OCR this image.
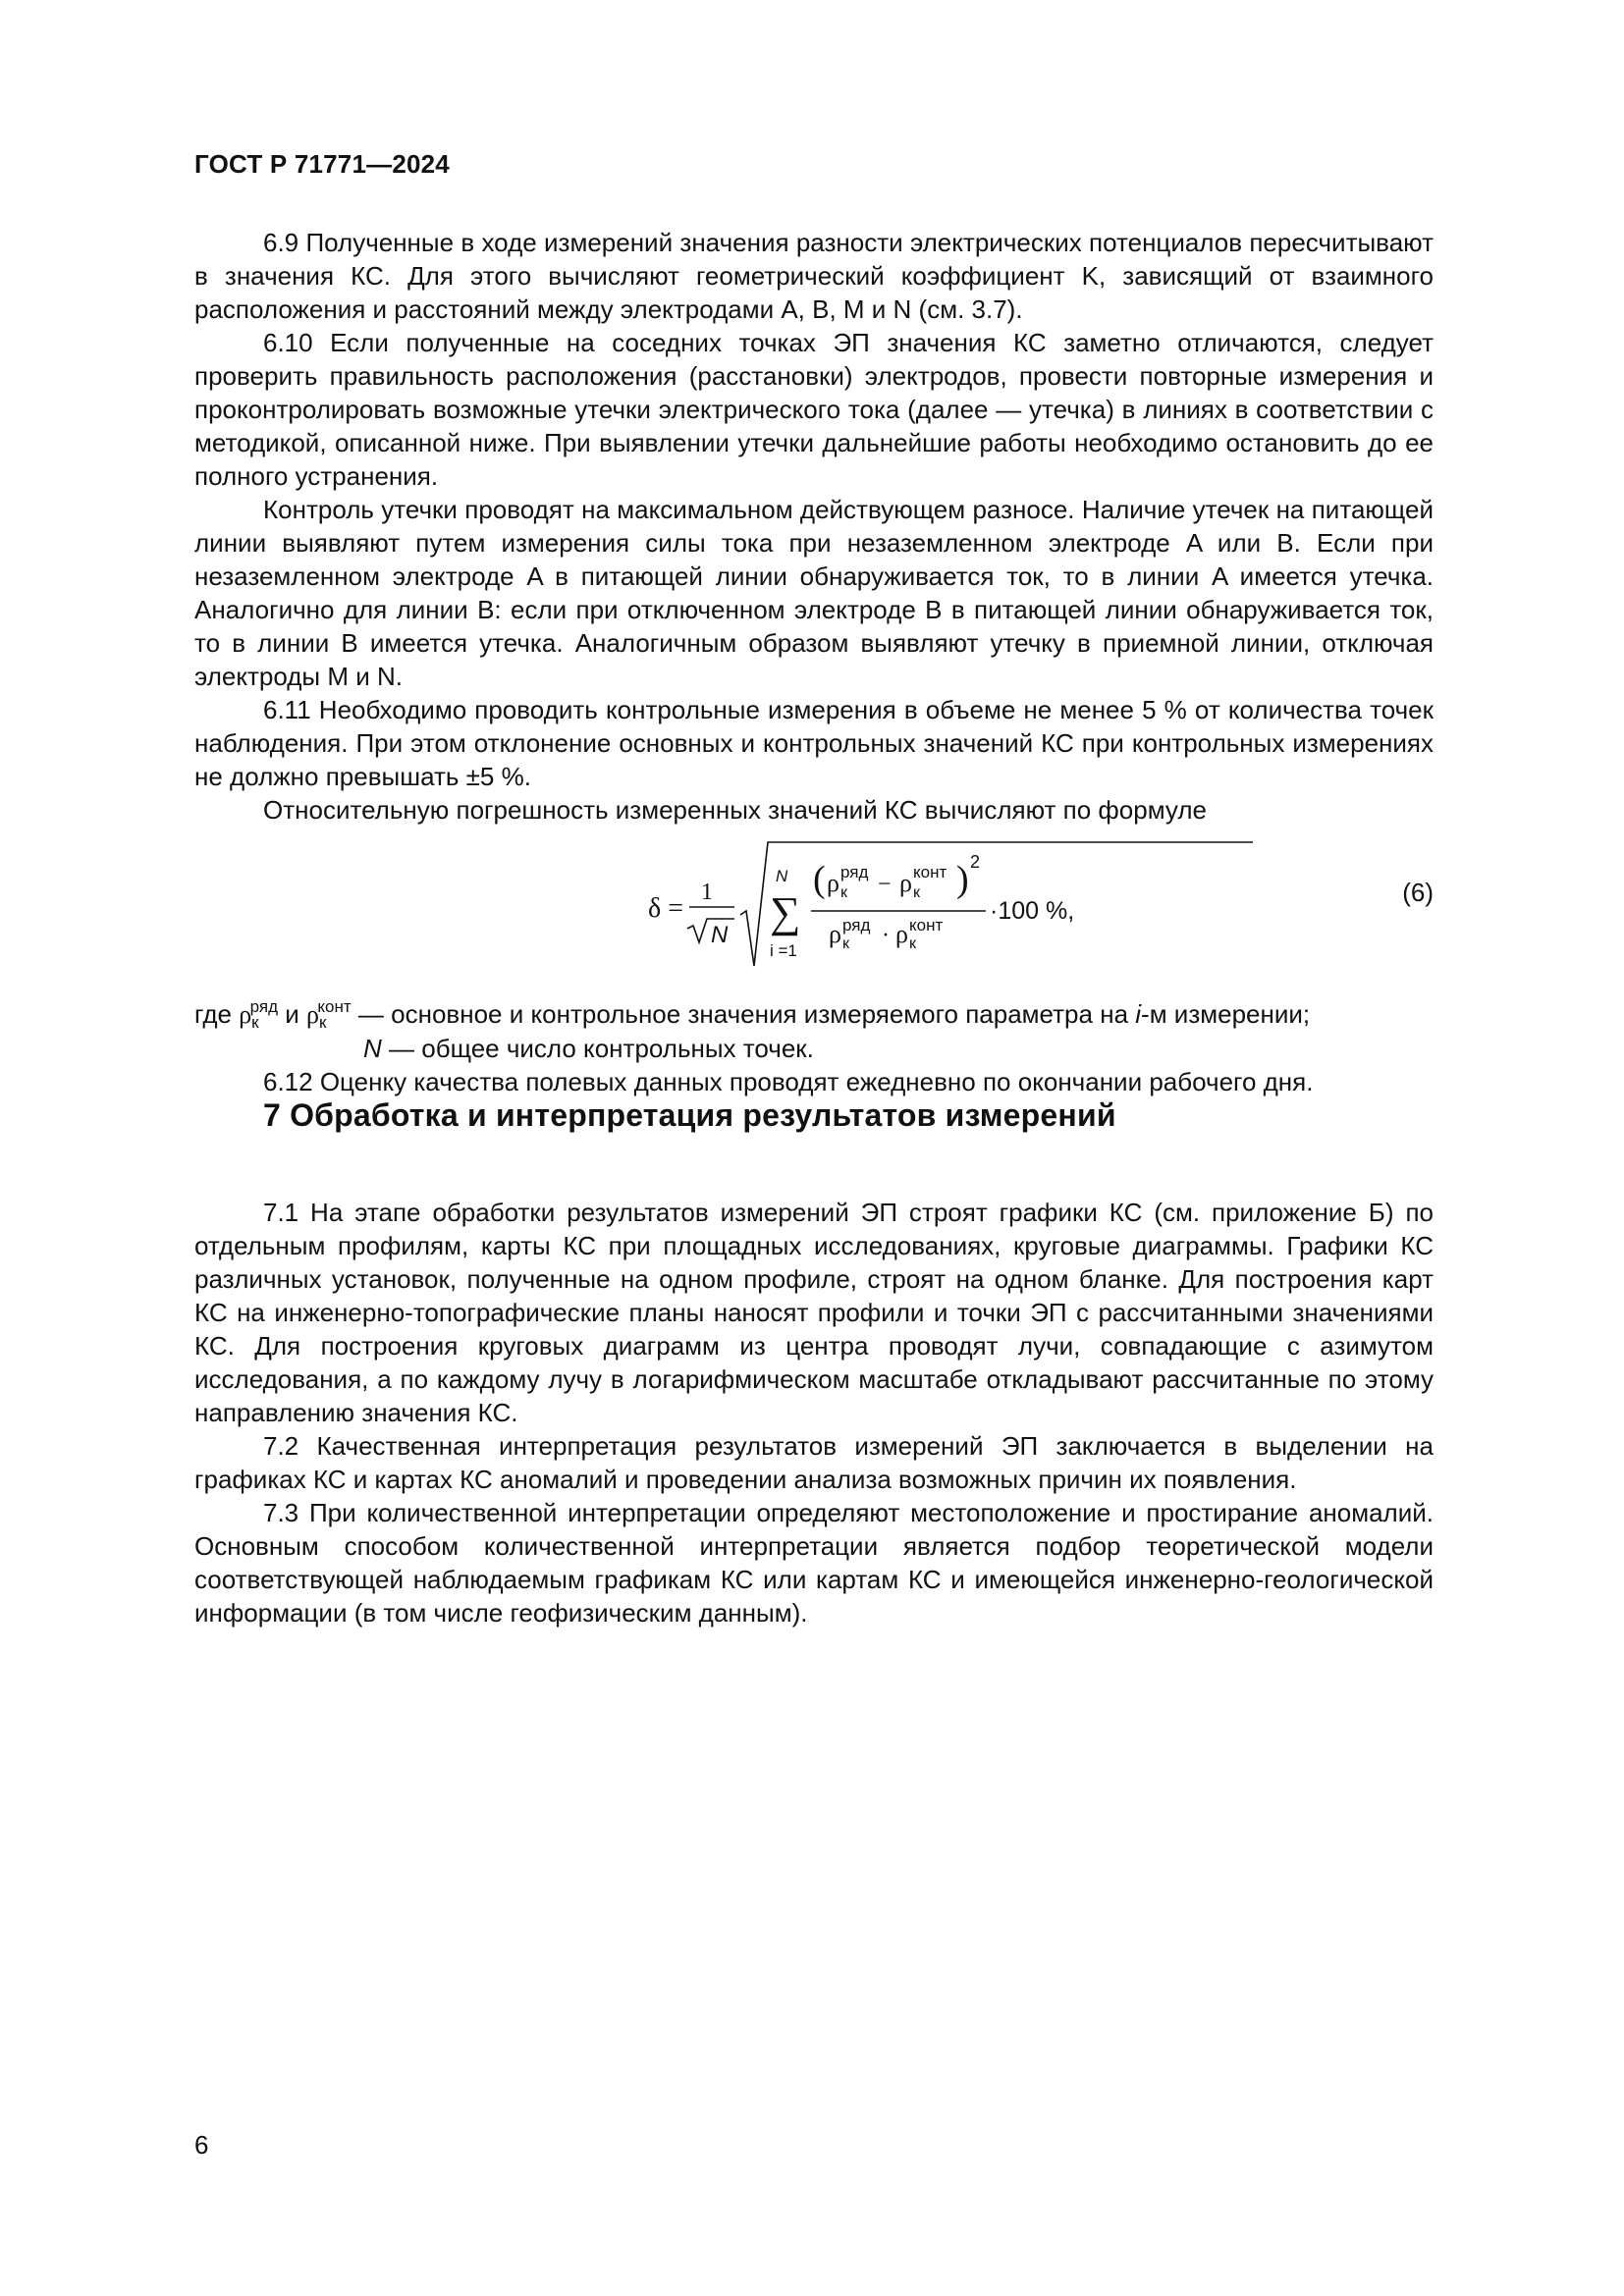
ГОСТ Р 71771—2024

6.9 Полученные в ходе измерений значения разности электрических потенциалов пересчитывают в значения КС. Для этого вычисляют геометрический коэффициент K, зависящий от взаимного расположения и расстояний между электродами A, B, M и N (см. 3.7).

6.10 Если полученные на соседних точках ЭП значения КС заметно отличаются, следует проверить правильность расположения (расстановки) электродов, провести повторные измерения и проконтролировать возможные утечки электрического тока (далее — утечка) в линиях в соответствии с методикой, описанной ниже. При выявлении утечки дальнейшие работы необходимо остановить до ее полного устранения.

Контроль утечки проводят на максимальном действующем разносе. Наличие утечек на питающей линии выявляют путем измерения силы тока при незаземленном электроде A или B. Если при незаземленном электроде A в питающей линии обнаруживается ток, то в линии A имеется утечка. Аналогично для линии B: если при отключенном электроде B в питающей линии обнаруживается ток, то в линии B имеется утечка. Аналогичным образом выявляют утечку в приемной линии, отключая электроды M и N.

6.11 Необходимо проводить контрольные измерения в объеме не менее 5 % от количества точек наблюдения. При этом отклонение основных и контрольных значений КС при контрольных измерениях не должно превышать ±5 %.

Относительную погрешность измеренных значений КС вычисляют по формуле

δ =
1
N
N
∑
i =1
( ρ к
ряд − ρ к
конт ) 2
ρ к
ряд · ρ к
конт
·100 %,
(6)

где $\rho_к^{ряд}$ и $\rho_к^{конт}$ — основное и контрольное значения измеряемого параметра на i-м измерении;

N — общее число контрольных точек.

6.12 Оценку качества полевых данных проводят ежедневно по окончании рабочего дня.

7 Обработка и интерпретация результатов измерений

7.1 На этапе обработки результатов измерений ЭП строят графики КС (см. приложение Б) по отдельным профилям, карты КС при площадных исследованиях, круговые диаграммы. Графики КС различных установок, полученные на одном профиле, строят на одном бланке. Для построения карт КС на инженерно-топографические планы наносят профили и точки ЭП с рассчитанными значениями КС. Для построения круговых диаграмм из центра проводят лучи, совпадающие с азимутом исследования, а по каждому лучу в логарифмическом масштабе откладывают рассчитанные по этому направлению значения КС.

7.2 Качественная интерпретация результатов измерений ЭП заключается в выделении на графиках КС и картах КС аномалий и проведении анализа возможных причин их появления.

7.3 При количественной интерпретации определяют местоположение и простирание аномалий. Основным способом количественной интерпретации является подбор теоретической модели соответствующей наблюдаемым графикам КС или картам КС и имеющейся инженерно-геологической информации (в том числе геофизическим данным).

6
